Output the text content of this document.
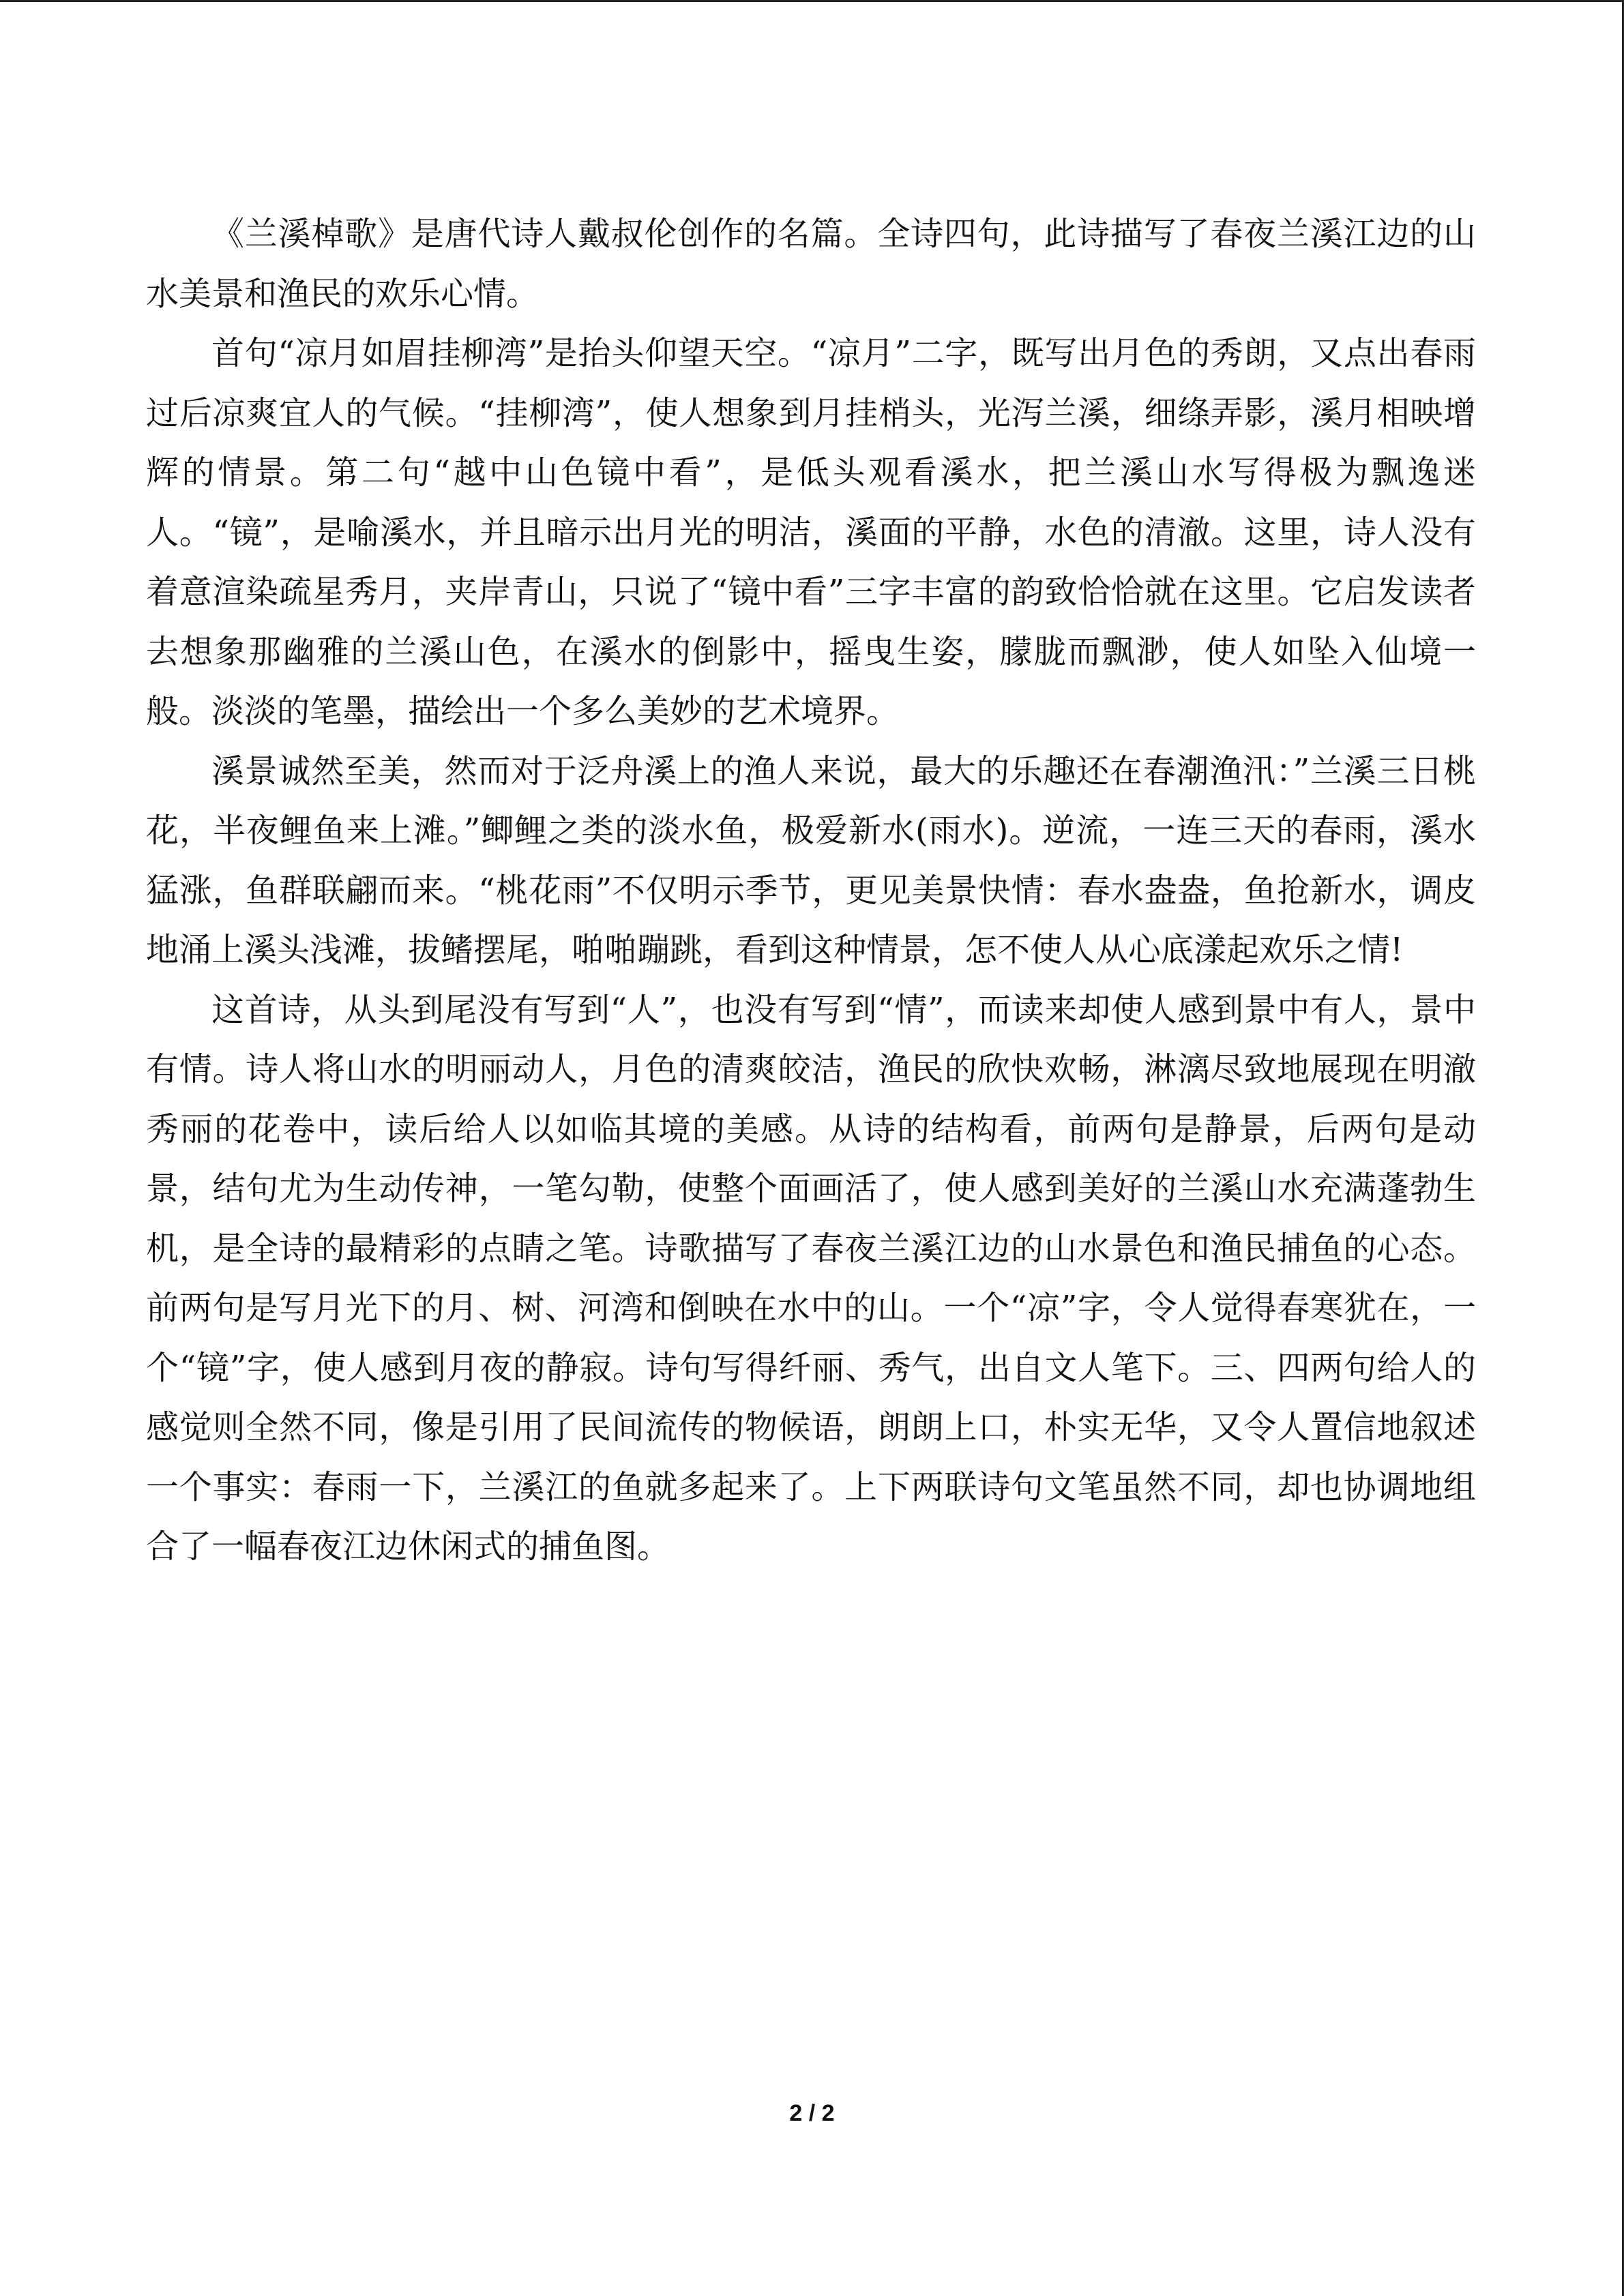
《兰溪棹歌》是唐代诗人戴叔伦创作的名篇。全诗四句，此诗描写了春夜兰溪江边的山水美景和渔民的欢乐心情。

首句“凉月如眉挂柳湾”是抬头仰望天空。“凉月”二字，既写出月色的秀朗，又点出春雨过后凉爽宜人的气候。“挂柳湾”，使人想象到月挂梢头，光泻兰溪，细绦弄影，溪月相映增辉的情景。第二句“越中山色镜中看”，是低头观看溪水，把兰溪山水写得极为飘逸迷人。“镜”，是喻溪水，并且暗示出月光的明洁，溪面的平静，水色的清澈。这里，诗人没有着意渲染疏星秀月，夹岸青山，只说了“镜中看”三字丰富的韵致恰恰就在这里。它启发读者去想象那幽雅的兰溪山色，在溪水的倒影中，摇曳生姿，朦胧而飘渺，使人如坠入仙境一般。淡淡的笔墨，描绘出一个多么美妙的艺术境界。

溪景诚然至美，然而对于泛舟溪上的渔人来说，最大的乐趣还在春潮渔汛：”兰溪三日桃花，半夜鲤鱼来上滩。”鲫鲤之类的淡水鱼，极爱新水(雨水)。逆流，一连三天的春雨，溪水猛涨，鱼群联翩而来。“桃花雨”不仅明示季节，更见美景快情：春水盎盎，鱼抢新水，调皮地涌上溪头浅滩，拔鳍摆尾，啪啪蹦跳，看到这种情景，怎不使人从心底漾起欢乐之情!

这首诗，从头到尾没有写到“人”，也没有写到“情”，而读来却使人感到景中有人，景中有情。诗人将山水的明丽动人，月色的清爽皎洁，渔民的欣快欢畅，淋漓尽致地展现在明澈秀丽的花卷中，读后给人以如临其境的美感。从诗的结构看，前两句是静景，后两句是动景，结句尤为生动传神，一笔勾勒，使整个面画活了，使人感到美好的兰溪山水充满蓬勃生机，是全诗的最精彩的点睛之笔。诗歌描写了春夜兰溪江边的山水景色和渔民捕鱼的心态。前两句是写月光下的月、树、河湾和倒映在水中的山。一个“凉”字，令人觉得春寒犹在，一个“镜”字，使人感到月夜的静寂。诗句写得纤丽、秀气，出自文人笔下。三、四两句给人的感觉则全然不同，像是引用了民间流传的物候语，朗朗上口，朴实无华，又令人置信地叙述一个事实：春雨一下，兰溪江的鱼就多起来了。上下两联诗句文笔虽然不同，却也协调地组合了一幅春夜江边休闲式的捕鱼图。

2 / 2
